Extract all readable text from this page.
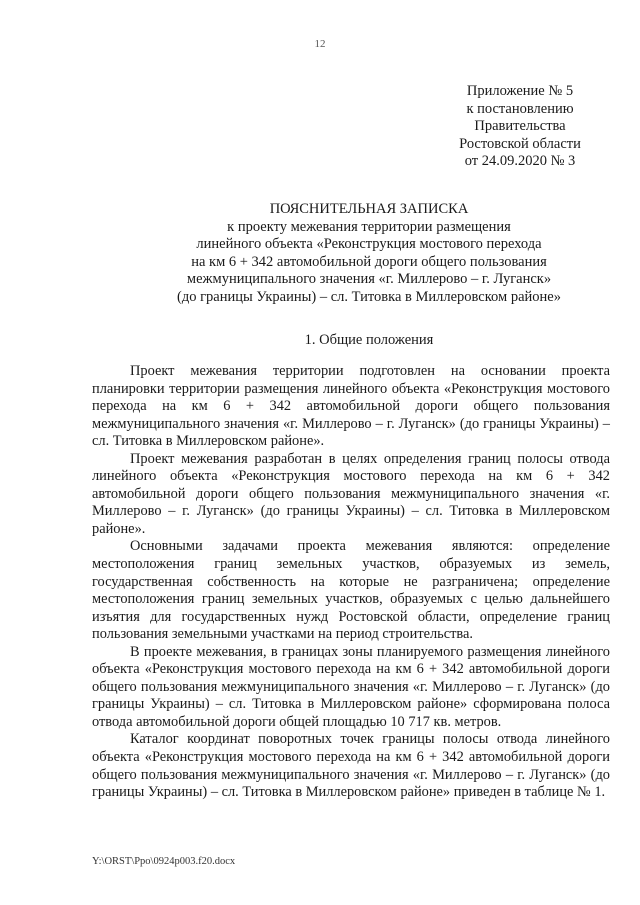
12
Приложение № 5
к постановлению
Правительства
Ростовской области
от 24.09.2020 № 3
ПОЯСНИТЕЛЬНАЯ ЗАПИСКА
к проекту межевания территории размещения
линейного объекта «Реконструкция мостового перехода
на км 6 + 342 автомобильной дороги общего пользования
межмуниципального значения «г. Миллерово – г. Луганск»
(до границы Украины) – сл. Титовка в Миллеровском районе»
1. Общие положения

Проект межевания территории подготовлен на основании проекта планировки территории размещения линейного объекта «Реконструкция мостового перехода на км 6 + 342 автомобильной дороги общего пользования межмуниципального значения «г. Миллерово – г. Луганск» (до границы Украины) – сл. Титовка в Миллеровском районе».

Проект межевания разработан в целях определения границ полосы отвода линейного объекта «Реконструкция мостового перехода на км 6 + 342 автомобильной дороги общего пользования межмуниципального значения «г. Миллерово – г. Луганск» (до границы Украины) – сл. Титовка в Миллеровском районе».

Основными задачами проекта межевания являются: определение местоположения границ земельных участков, образуемых из земель, государственная собственность на которые не разграничена; определение местоположения границ земельных участков, образуемых с целью дальнейшего изъятия для государственных нужд Ростовской области, определение границ пользования земельными участками на период строительства.

В проекте межевания, в границах зоны планируемого размещения линейного объекта «Реконструкция мостового перехода на км 6 + 342 автомобильной дороги общего пользования межмуниципального значения «г. Миллерово – г. Луганск» (до границы Украины) – сл. Титовка в Миллеровском районе» сформирована полоса отвода автомобильной дороги общей площадью 10 717 кв. метров.

Каталог координат поворотных точек границы полосы отвода линейного объекта «Реконструкция мостового перехода на км 6 + 342 автомобильной дороги общего пользования межмуниципального значения «г. Миллерово – г. Луганск» (до границы Украины) – сл. Титовка в Миллеровском районе» приведен в таблице № 1.

Y:\ORST\Ppo\0924p003.f20.docx
